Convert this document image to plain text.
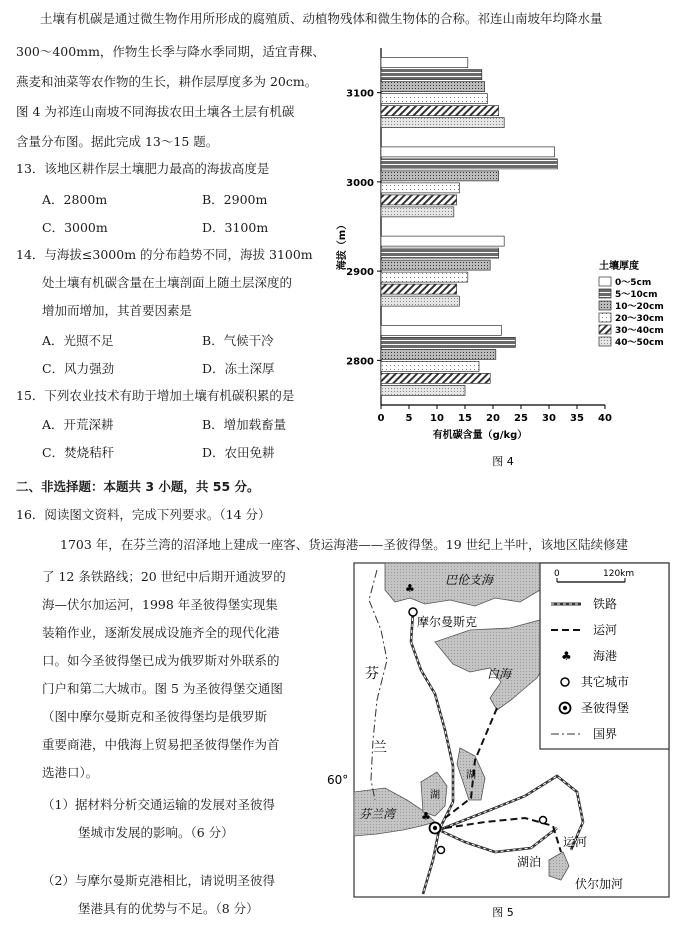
土壤有机碳是通过微生物作用所形成的腐殖质、动植物残体和微生物体的合称。祁连山南坡年均降水量
300～400mm，作物生长季与降水季同期，适宜青稞、
燕麦和油菜等农作物的生长，耕作层厚度多为 20cm。
图 4 为祁连山南坡不同海拔农田土壤各土层有机碳
含量分布图。据此完成 13～15 题。
13．该地区耕作层土壤肥力最高的海拔高度是
A．2800m	B．2900m
C．3000m	D．3100m
14．与海拔≤3000m 的分布趋势不同，海拔 3100m
处土壤有机碳含量在土壤剖面上随土层深度的
增加而增加，其首要因素是
A．光照不足	B．气候干冷
C．风力强劲	D．冻土深厚
15．下列农业技术有助于增加土壤有机碳积累的是
A．开荒深耕	B．增加载畜量
C．焚烧秸秆	D．农田免耕
0 5 10 15 20 25 30 35 40
3100
3000
2900
2800
0～5cm
5～10cm
10～20cm
20～30cm
30～40cm
40～50cm
海拔（m）
有机碳含量（g/kg）
土壤厚度
图 4
二、非选择题：本题共 3 小题，共 55 分。
16．阅读图文资料，完成下列要求。（14 分）
1703 年，在芬兰湾的沼泽地上建成一座客、货运海港——圣彼得堡。19 世纪上半叶，该地区陆续修建
了 12 条铁路线；20 世纪中后期开通波罗的
海—伏尔加运河，1998 年圣彼得堡实现集
装箱作业，逐渐发展成设施齐全的现代化港
口。如今圣彼得堡已成为俄罗斯对外联系的
门户和第二大城市。图 5 为圣彼得堡交通图
（图中摩尔曼斯克和圣彼得堡均是俄罗斯
重要商港，中俄海上贸易把圣彼得堡作为首
选港口）。
（1）据材料分析交通运输的发展对圣彼得
堡城市发展的影响。（6 分）
（2）与摩尔曼斯克港相比，请说明圣彼得
堡港具有的优势与不足。（8 分）
♣
♣
巴伦支海
摩尔曼斯克
白海
芬
兰
60°
芬兰湾
湖
湖
湖泊
运河
伏尔加河
0	120km
铁路
运河
♣ 海港
其它城市
圣彼得堡
国界
图 5
